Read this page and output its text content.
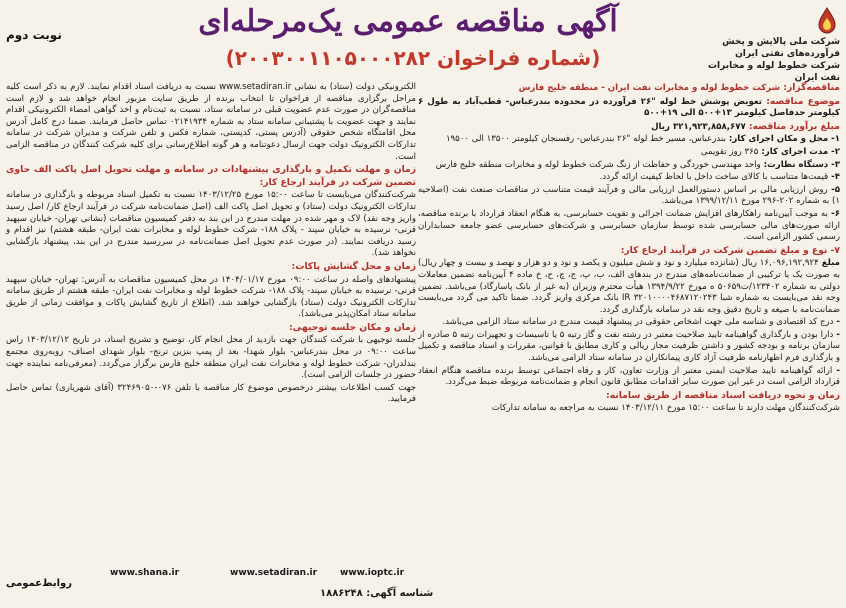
شرکت ملی پالایش و پخش فرآورده‌های نفتی ایران
شرکت خطوط لوله و مخابرات نفت ایران
آگهی مناقصه عمومی یک‌مرحله‌ای
(شماره فراخوان ۲۰۰۳۰۰۱۱۰۵۰۰۰۲۸۲)
نوبت دوم
مناقصه‌گزار: شرکت خطوط لوله و مخابرات نفت ایران - منطقه خلیج فارس
موضوع مناقصه: تعویض پوشش خط لوله "۲۶ فرآورده در محدوده بندرعباس- قطب‌آباد به طول ۶ کیلومتر حدفاصل کیلومتر ۱۳+۵۰۰ الی ۱۹+۵۰۰
مبلغ برآورد مناقصه: ۳۲۱,۹۲۳,۸۵۸,۶۷۷ ریال
۱- محل و مکان اجرای کار: بندرعباس، مسیر خط لوله "۲۶ بندرعباس- رفسنجان کیلومتر ۱۳۵۰۰ الی ۱۹۵۰۰
۲- مدت اجرای کار: ۳۶۵ روز تقویمی
۳- دستگاه نظارت: واحد مهندسی خوردگی و حفاظت از زنگ شرکت خطوط لوله و مخابرات منطقه خلیج فارس
۴- قیمت‌ها متناسب با کالای ساخت داخل با لحاظ کیفیت ارائه گردد.
۵- روش ارزیابی مالی بر اساس دستورالعمل ارزیابی مالی و فرآیند قیمت متناسب در مناقصات صنعت نفت (اصلاحیه ۱) به شماره ۲۰۲-۲۹۶ مورخ ۱۳۹۹/۱۲/۱۱ می‌باشد.
۶- به موجب آیین‌نامه راهکارهای افزایش ضمانت اجرائی و تقویت حسابرسی، به هنگام انعقاد قرارداد با برنده مناقصه، ارائه صورت‌های مالی حسابرسی شده توسط سازمان حسابرسی و شرکت‌های حسابرسی عضو جامعه حسابداران رسمی کشور الزامی است.
۷- نوع و مبلغ تضمین شرکت در فرآیند ارجاع کار:
مبلغ ۱۶,۰۹۶,۱۹۲,۹۲۴ ریال (شانزده میلیارد و نود و شش میلیون و یکصد و نود و دو هزار و نهصد و بیست و چهار ریال) به صورت یک یا ترکیبی از ضمانت‌نامه‌های مندرج در بندهای الف، ب، پ، ج، چ، ح، خ ماده ۴ آیین‌نامه تضمین معاملات دولتی به شماره ۱۲۳۴۰۲/ت۵۰۶۵۹ ه مورخ ۱۳۹۴/۹/۲۲ هیأت محترم وزیران (به غیر از بانک پاسارگاد) می‌باشد. تضمین وجه نقد می‌بایست به شماره شبا IR ۳۲۰۱۰۰۰۰۴۶۸۷۱۲۰۲۴۳ بانک مرکزی واریز گردد. ضمنا تاکید می گردد می‌بایست ضمانت‌نامه با صیغه و تاریخ دقیق وجه نقد در سامانه بارگذاری گردد.
- درج کد اقتصادی و شناسه ملی جهت اشخاص حقوقی در پیشنهاد قیمت مندرج در سامانه ستاد الزامی می‌باشد.
- دارا بودن و بارگذاری گواهینامه تایید صلاحیت معتبر در رشته نفت و گاز رتبه ۵ یا تاسیسات و تجهیزات رتبه ۵ صادره از سازمان برنامه و بودجه کشور و داشتن ظرفیت مجاز ریالی و کاری مطابق با قوانین، مقررات و اسناد مناقصه و تکمیل و بارگذاری فرم اظهارنامه ظرفیت آزاد کاری پیمانکاران در سامانه ستاد الزامی می‌باشد.
- ارائه گواهینامه تایید صلاحیت ایمنی معتبر از وزارت تعاون، کار و رفاه اجتماعی توسط برنده مناقصه هنگام انعقاد قرارداد الزامی است در غیر این صورت سایر اقدامات مطابق قانون انجام و ضمانت‌نامه مربوطه ضبط می‌گردد.
زمان و نحوه دریافت اسناد مناقصه از طریق سامانه:
شرکت‌کنندگان مهلت دارند تا ساعت ۱۵:۰۰ مورخ ۱۴۰۳/۱۲/۱۱ نسبت به مراجعه به سامانه تدارکات
الکترونیکی دولت (ستاد) به نشانی www.setadiran.ir نسبت به دریافت اسناد اقدام نمایند. لازم به ذکر است کلیه مراحل برگزاری مناقصه از فراخوان تا انتخاب برنده از طریق سایت مزبور انجام خواهد شد و لازم است مناقصه‌گران در صورت عدم عضویت قبلی در سامانه ستاد، نسبت به ثبت‌نام و اخذ گواهی امضاء الکترونیکی اقدام نمایند و جهت عضویت با پشتیبانی سامانه ستاد به شماره ۰۲۱۴۱۹۳۴ تماس حاصل فرمایند. ضمنا درج کامل آدرس محل اقامتگاه شخص حقوقی (آدرس پستی، کدپستی، شماره فکس و تلفن شرکت و مدیران شرکت در سامانه تدارکات الکترونیک دولت جهت ارسال دعوتنامه و هر گونه اطلاع‌رسانی برای کلیه شرکت کنندگان در مناقصه الزامی است.
زمان و مهلت تکمیل و بارگذاری پیشنهادات در سامانه و مهلت تحویل اصل پاکت الف حاوی تضمین شرکت در فرآیند ارجاع کار:
شرکت‌کنندگان می‌بایست تا ساعت ۱۵:۰۰ مورخ ۱۴۰۳/۱۲/۲۵ نسبت به تکمیل اسناد مربوطه و بارگذاری در سامانه تدارکات الکترونیک دولت (ستاد) و تحویل اصل پاکت الف (اصل ضمانت‌نامه شرکت در فرآیند ارجاع کار/ اصل رسید واریز وجه نقد) لاک و مهر شده در مهلت مندرج در این بند به دفتر کمیسیون مناقصات (نشانی تهران- خیابان سپهبد قرنی- نرسیده به خیابان سپند - پلاک ۱۸۸- شرکت خطوط لوله و مخابرات نفت ایران- طبقه هشتم) نیز اقدام و رسید دریافت نمایند. (در صورت عدم تحویل اصل ضمانت‌نامه در سررسید مندرج در این بند، پیشنهاد بازگشایی نخواهد شد).
زمان و محل گشایش پاکات:
پیشنهادهای واصله در ساعت ۰۹:۰۰ مورخ ۱۴۰۴/۰۱/۱۷ در محل کمیسیون مناقصات به آدرس: تهران- خیابان سپهبد قرنی- نرسیده به خیابان سپند- پلاک ۱۸۸- شرکت خطوط لوله و مخابرات نفت ایران- طبقه هشتم از طریق سامانه تدارکات الکترونیک دولت (ستاد) بازگشایی خواهند شد. (اطلاع از تاریخ گشایش پاکات و موافقت زمانی از طریق سامانه ستاد امکان‌پذیر می‌باشد).
زمان و مکان جلسه توجیهی:
جلسه توجیهی با شرکت کنندگان جهت بازدید از محل انجام کار، توضیح و تشریح اسناد، در تاریخ ۱۴۰۳/۱۲/۱۲ راس ساعت ۰۹:۰۰ در محل بندرعباس- بلوار شهدا- بعد از پمپ بنزین ترنج- بلوار شهدای اصناف- روبه‌روی مجتمع بندلدران- شرکت خطوط لوله و مخابرات نفت ایران منطقه خلیج فارس برگزار می‌گردد. (معرفی‌نامه نماینده جهت حضور در جلسات الزامی است).
جهت کسب اطلاعات بیشتر درخصوص موضوع کار مناقصه با تلفن ۰۷۶-۳۲۴۶۹۰۵۰ (آقای شهریاری) تماس حاصل فرمایید.
روابط‌عمومی
www.shana.ir	www.setadiran.ir	www.ioptc.ir
شناسه آگهی: ۱۸۸۶۲۴۸
